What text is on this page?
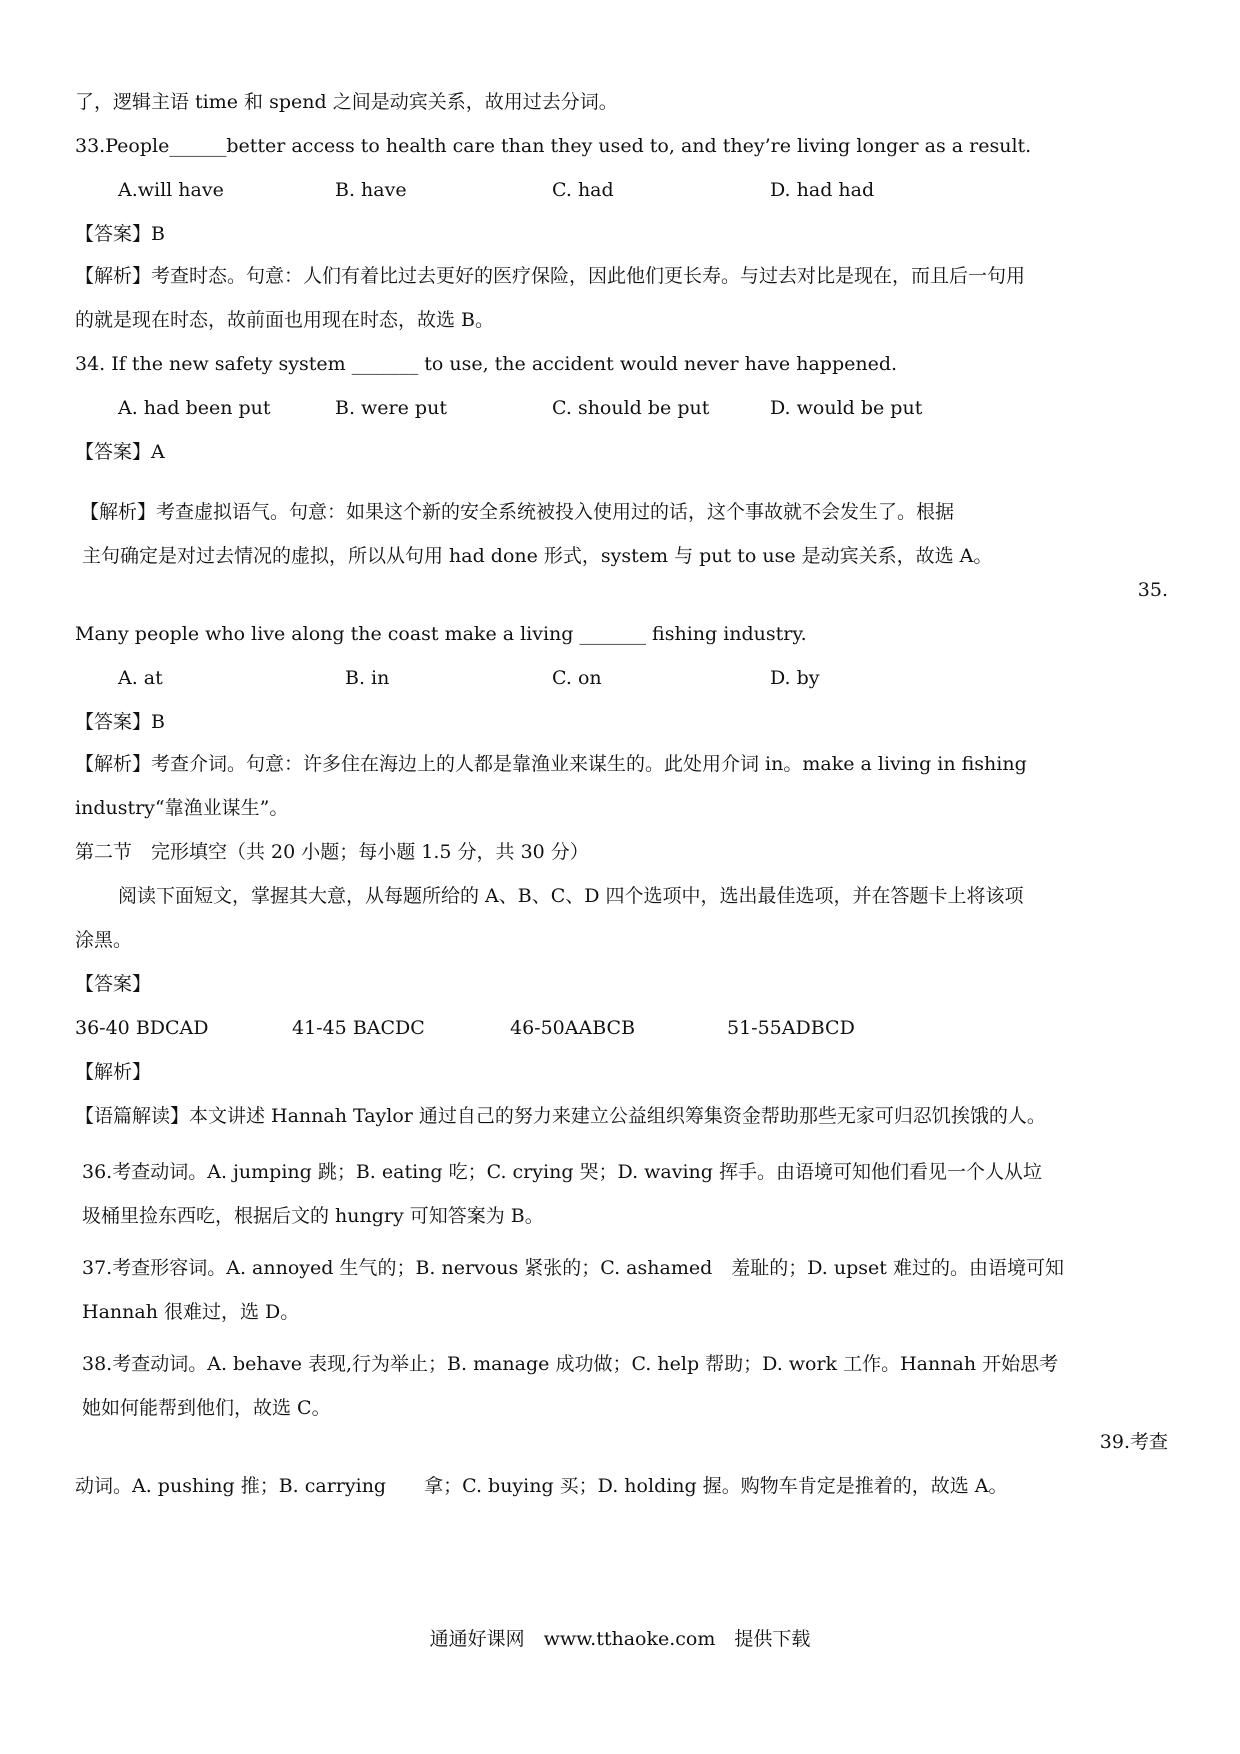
了，逻辑主语 time 和 spend 之间是动宾关系，故用过去分词。
33.People______better access to health care than they used to, and they’re living longer as a result.
A.will have	B. have	C. had	D. had had
【答案】B
【解析】考查时态。句意：人们有着比过去更好的医疗保险，因此他们更长寿。与过去对比是现在，而且后一句用
的就是现在时态，故前面也用现在时态，故选 B。
34. If the new safety system _______ to use, the accident would never have happened.
A. had been put	B. were put	C. should be put	D. would be put
【答案】A
【解析】考查虚拟语气。句意：如果这个新的安全系统被投入使用过的话，这个事故就不会发生了。根据
主句确定是对过去情况的虚拟，所以从句用 had done 形式，system 与 put to use 是动宾关系，故选 A。
35.
Many people who live along the coast make a living _______ fishing industry.
A. at	B. in	C. on	D. by
【答案】B
【解析】考查介词。句意：许多住在海边上的人都是靠渔业来谋生的。此处用介词 in。make a living in fishing
industry“靠渔业谋生”。
第二节　完形填空（共 20 小题；每小题 1.5 分，共 30 分）
阅读下面短文，掌握其大意，从每题所给的 A、B、C、D 四个选项中，选出最佳选项，并在答题卡上将该项
涂黑。
【答案】
36-40 BDCAD	41-45 BACDC	46-50AABCB	51-55ADBCD
【解析】
【语篇解读】本文讲述 Hannah Taylor 通过自己的努力来建立公益组织筹集资金帮助那些无家可归忍饥挨饿的人。
36.考查动词。A. jumping 跳；B. eating 吃；C. crying 哭；D. waving 挥手。由语境可知他们看见一个人从垃
圾桶里捡东西吃，根据后文的 hungry 可知答案为 B。
37.考查形容词。A. annoyed 生气的；B. nervous 紧张的；C. ashamed　羞耻的；D. upset 难过的。由语境可知
Hannah 很难过，选 D。
38.考查动词。A. behave 表现,行为举止；B. manage 成功做；C. help 帮助；D. work 工作。Hannah 开始思考
她如何能帮到他们，故选 C。
39.考查
动词。A. pushing 推；B. carrying　　拿；C. buying 买；D. holding 握。购物车肯定是推着的，故选 A。
通通好课网　www.tthaoke.com　提供下载
